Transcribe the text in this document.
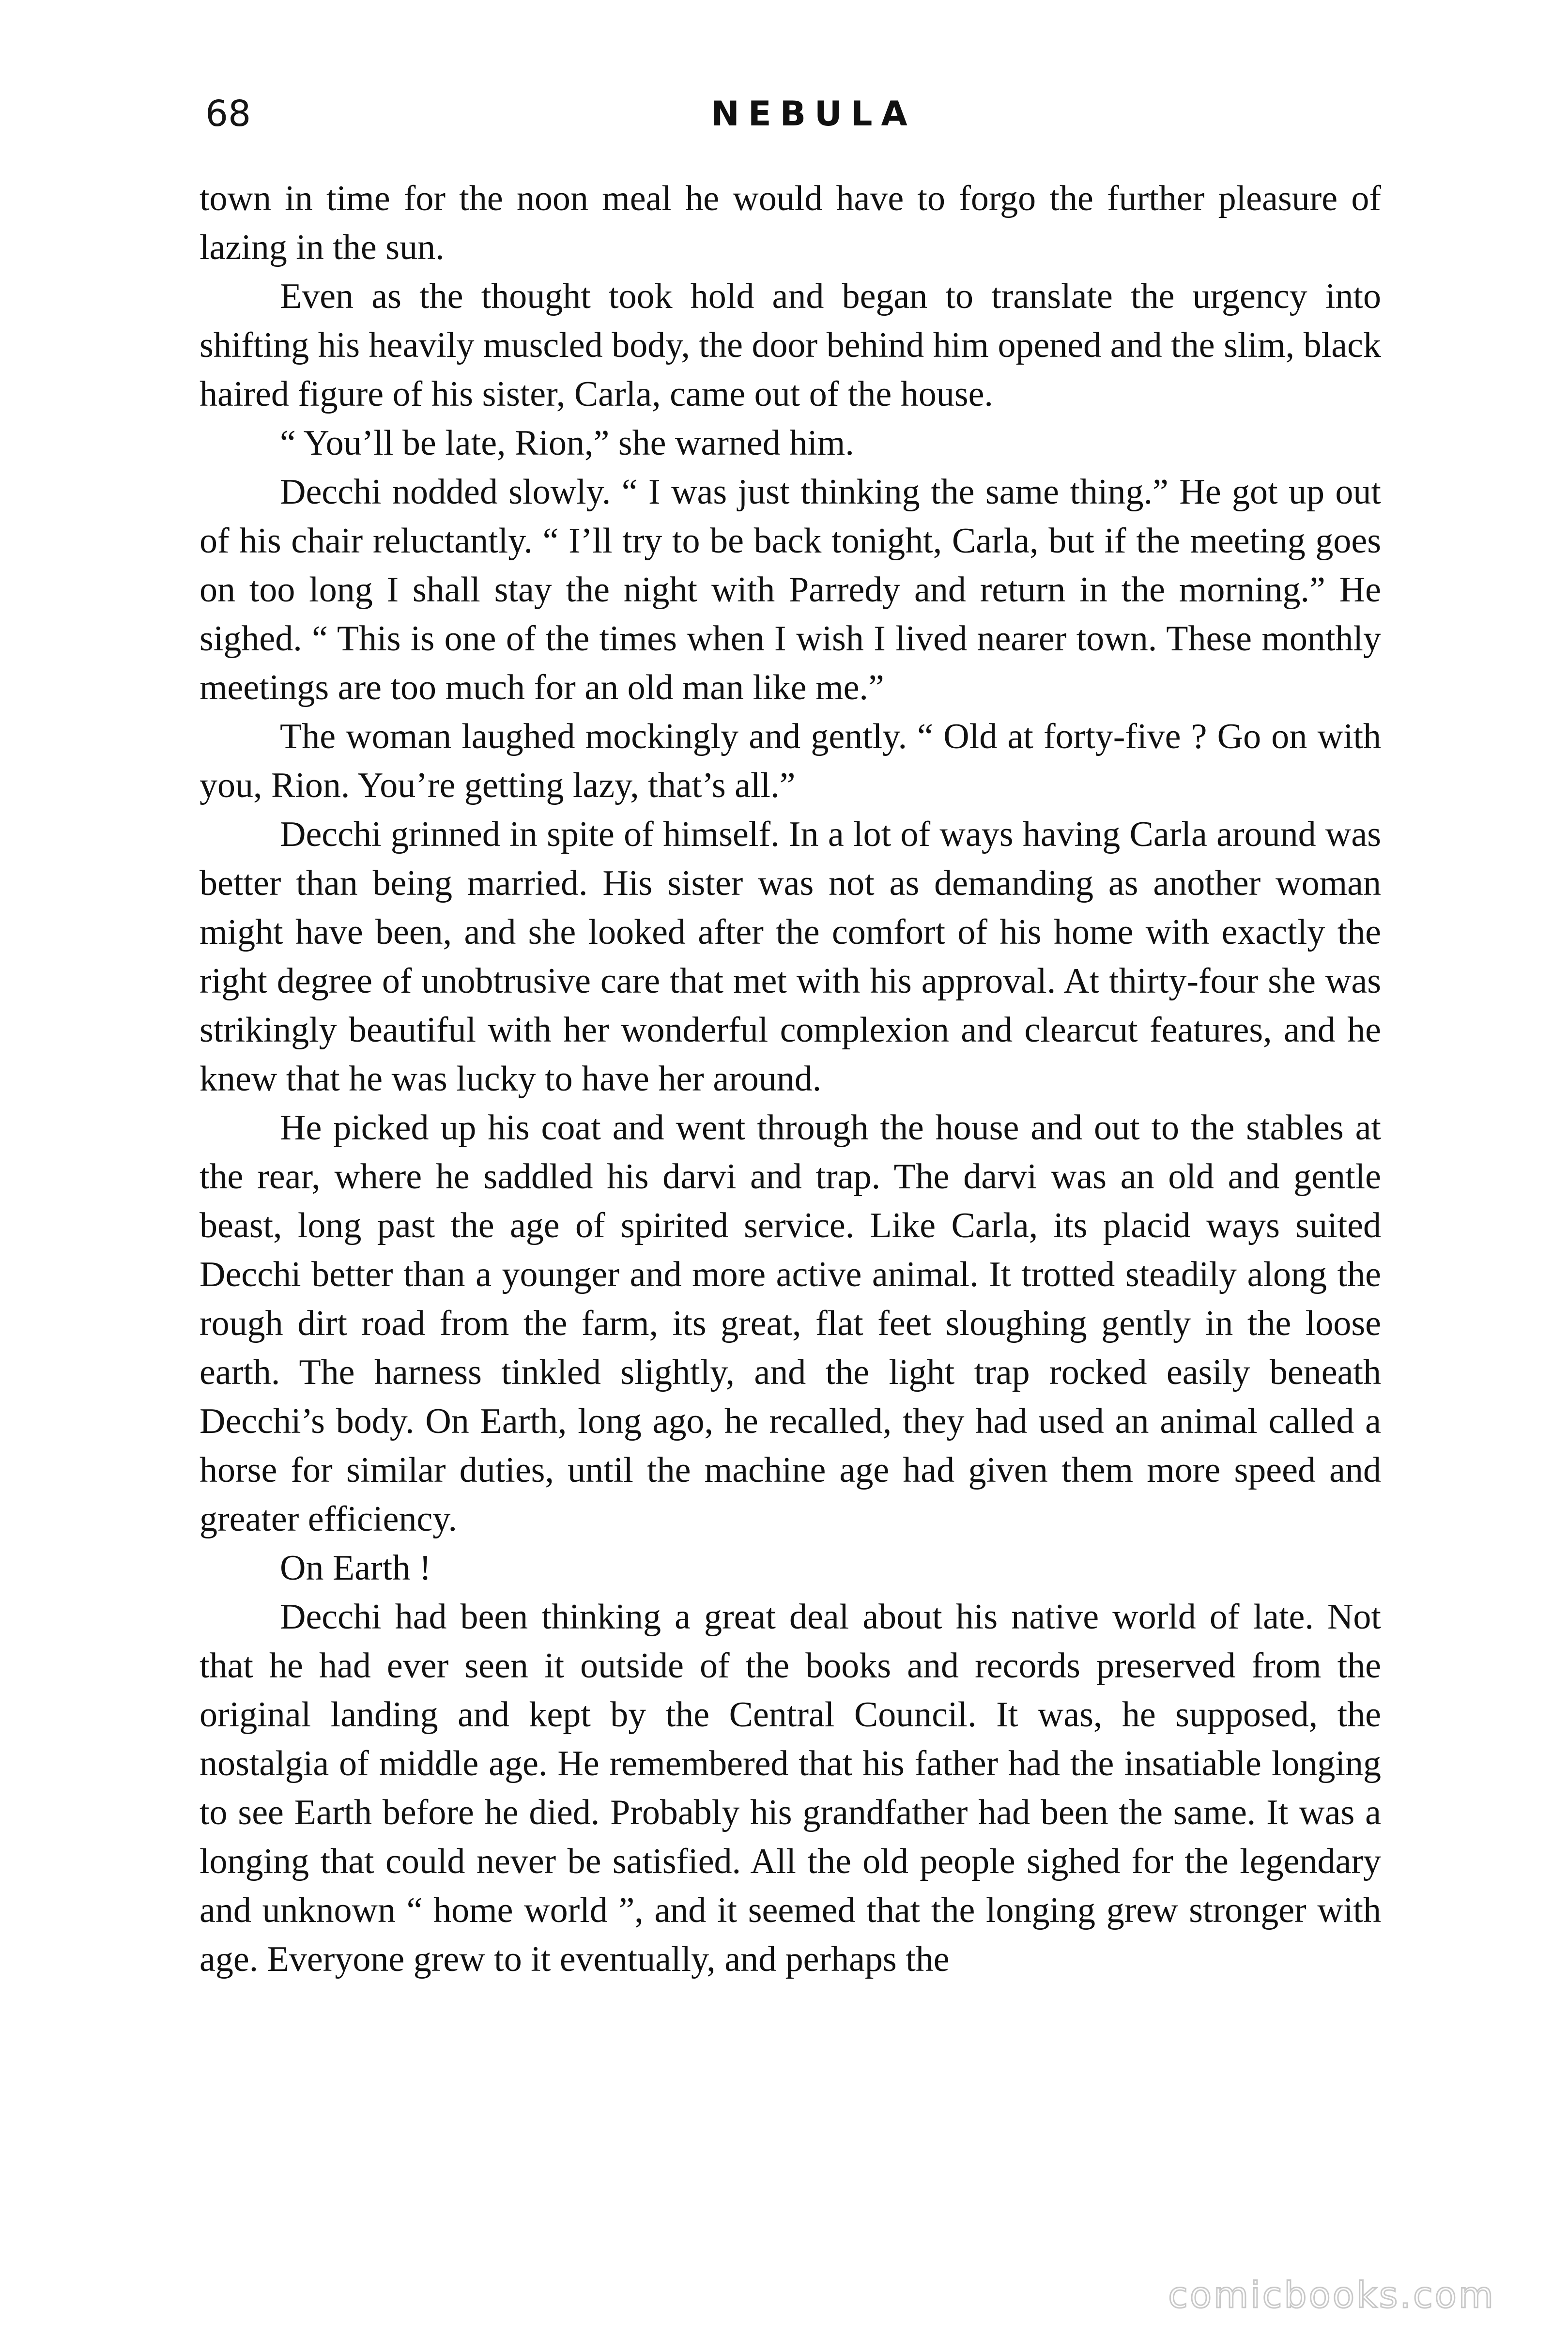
68	NEBULA

town in time for the noon meal he would have to forgo the further pleasure of lazing in the sun.

Even as the thought took hold and began to translate the urgency into shifting his heavily muscled body, the door behind him opened and the slim, black haired figure of his sister, Carla, came out of the house.

“ You’ll be late, Rion,” she warned him.

Decchi nodded slowly. “ I was just thinking the same thing.” He got up out of his chair reluctantly. “ I’ll try to be back tonight, Carla, but if the meeting goes on too long I shall stay the night with Parredy and return in the morning.” He sighed. “ This is one of the times when I wish I lived nearer town. These monthly meetings are too much for an old man like me.”

The woman laughed mockingly and gently. “ Old at forty-five ? Go on with you, Rion. You’re getting lazy, that’s all.”

Decchi grinned in spite of himself. In a lot of ways having Carla around was better than being married. His sister was not as demanding as another woman might have been, and she looked after the comfort of his home with exactly the right degree of unobtrusive care that met with his approval. At thirty-four she was strikingly beautiful with her wonderful complexion and clearcut features, and he knew that he was lucky to have her around.

He picked up his coat and went through the house and out to the stables at the rear, where he saddled his darvi and trap. The darvi was an old and gentle beast, long past the age of spirited service. Like Carla, its placid ways suited Decchi better than a younger and more active animal. It trotted steadily along the rough dirt road from the farm, its great, flat feet sloughing gently in the loose earth. The harness tinkled slightly, and the light trap rocked easily beneath Decchi’s body. On Earth, long ago, he recalled, they had used an animal called a horse for similar duties, until the machine age had given them more speed and greater efficiency.

On Earth !

Decchi had been thinking a great deal about his native world of late. Not that he had ever seen it outside of the books and records preserved from the original landing and kept by the Central Council. It was, he supposed, the nostalgia of middle age. He remembered that his father had the insatiable longing to see Earth before he died. Probably his grandfather had been the same. It was a longing that could never be satisfied. All the old people sighed for the legendary and unknown “ home world ”, and it seemed that the longing grew stronger with age. Everyone grew to it eventually, and perhaps the

comicbooks.com
